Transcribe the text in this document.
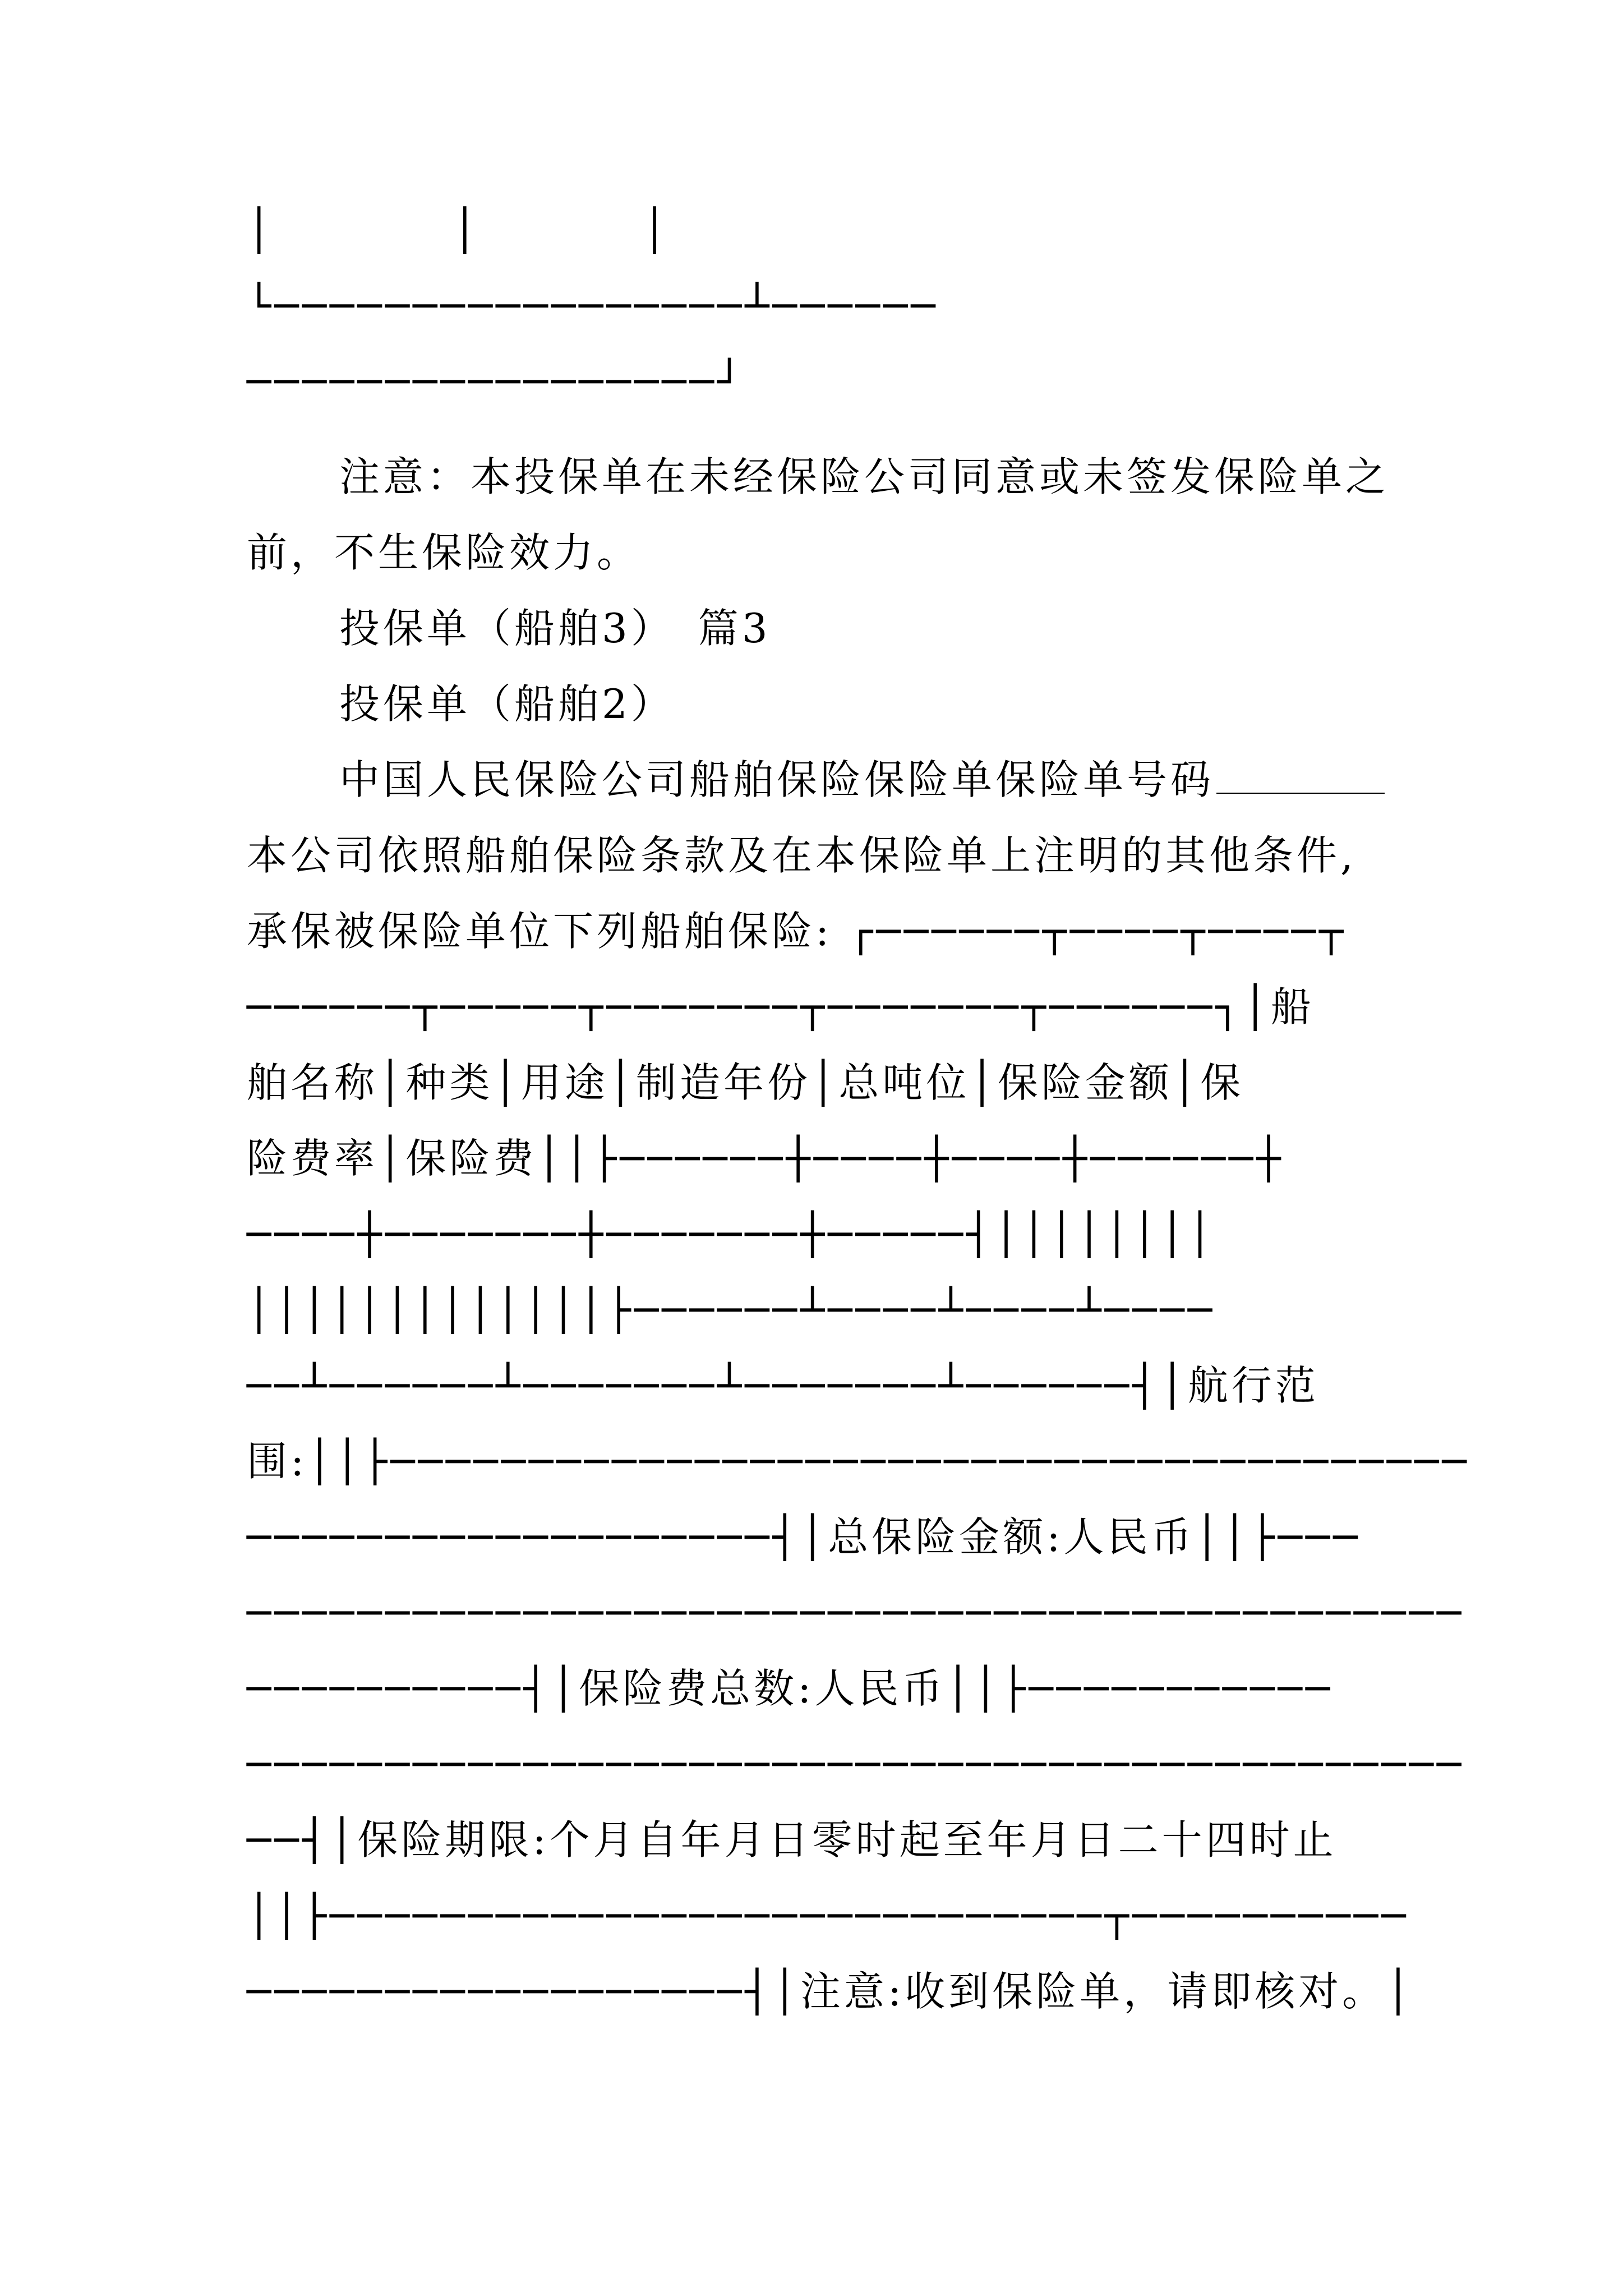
│           │          │
└─────────────────┴──────
─────────────────┘
注意：本投保单在未经保险公司同意或未签发保险单之
前，不生保险效力。
投保单（船舶3）　篇3
投保单（船舶2）
中国人民保险公司船舶保险保险单保险单号码
本公司依照船舶保险条款及在本保险单上注明的其他条件,
承保被保险单位下列船舶保险: ┌──────┬────┬────┬
──────┬─────┬───────┬───────┬──────┐│船
舶名称│种类│用途│制造年份│总吨位│保险金额│保
险费率│保险费││├──────┼────┼────┼──────┼
────┼───────┼───────┼─────┤││││││││
│││││││││││││├──────┴────┴────┴────
──┴──────┴───────┴───────┴──────┤│航行范
围:││├───────────────────────────────────────
───────────────────┤│总保险金额:人民币││├───
────────────────────────────────────────────
──────────┤│保险费总数:人民币││├───────────
────────────────────────────────────────────
──┤│保险期限:个月自年月日零时起至年月日二十四时止
││├────────────────────────────┬──────────
──────────────────┤│注意:收到保险单，请即核对。│
